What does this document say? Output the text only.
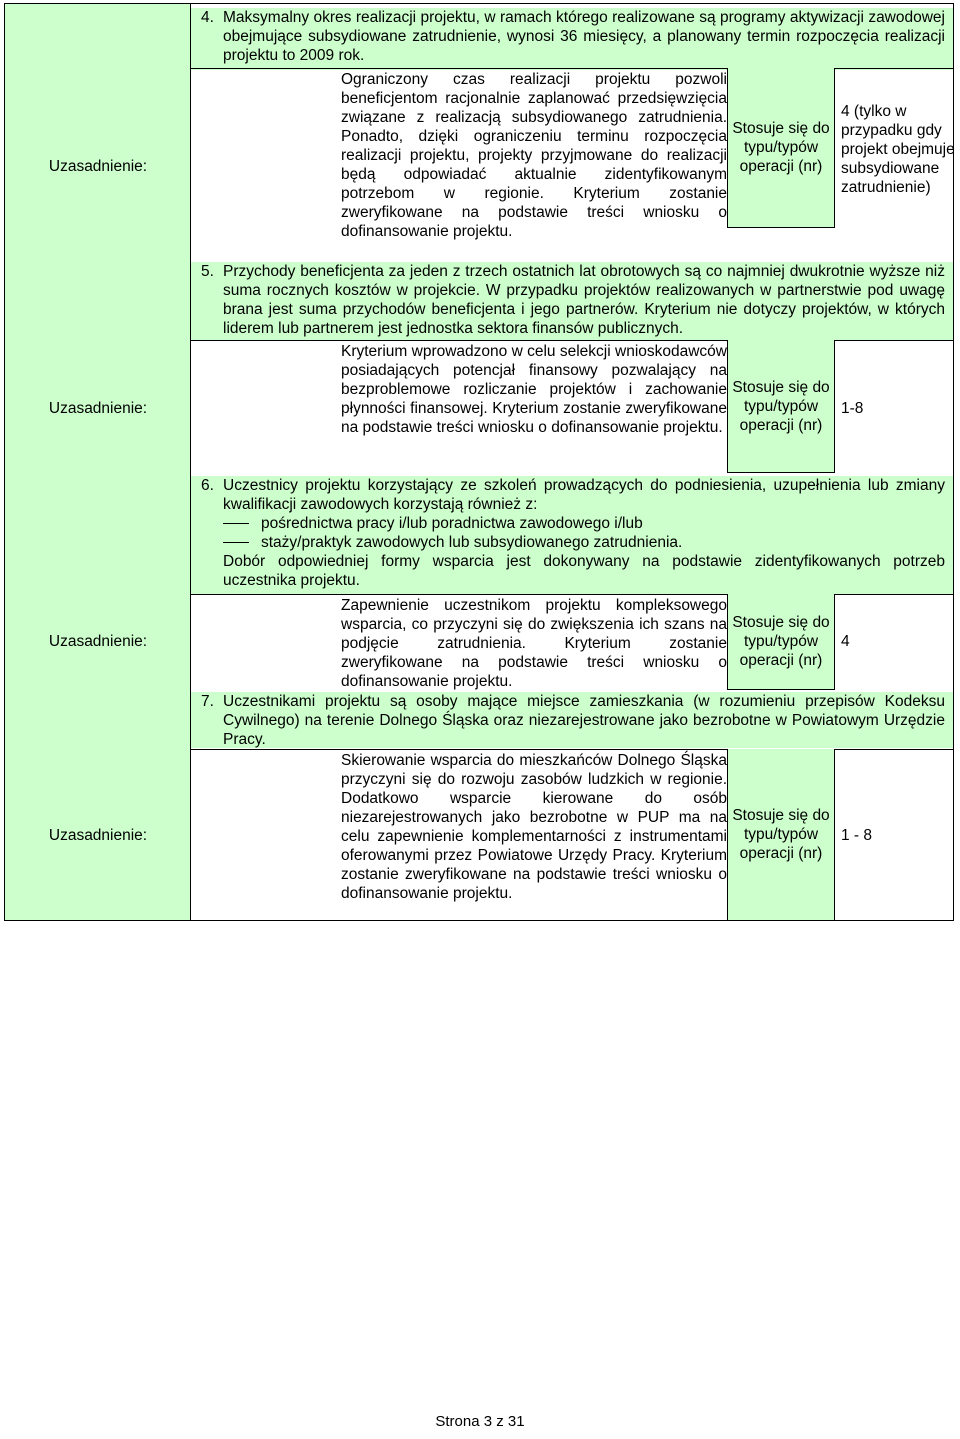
4. Maksymalny okres realizacji projektu, w ramach którego realizowane są programy aktywizacji zawodowej obejmujące subsydiowane zatrudnienie, wynosi 36 miesięcy, a planowany termin rozpoczęcia realizacji projektu to 2009 rok.
Uzasadnienie:
Ograniczony czas realizacji projektu pozwoli beneficjentom racjonalnie zaplanować przedsięwzięcia związane z realizacją subsydiowanego zatrudnienia. Ponadto, dzięki ograniczeniu terminu rozpoczęcia realizacji projektu, projekty przyjmowane do realizacji będą odpowiadać aktualnie zidentyfikowanym potrzebom w regionie. Kryterium zostanie zweryfikowane na podstawie treści wniosku o dofinansowanie projektu.
Stosuje się do typu/typów operacji (nr)
4 (tylko w przypadku gdy projekt obejmuje subsydiowane zatrudnienie)
5. Przychody beneficjenta za jeden z trzech ostatnich lat obrotowych są co najmniej dwukrotnie wyższe niż suma rocznych kosztów w projekcie. W przypadku projektów realizowanych w partnerstwie pod uwagę brana jest suma przychodów beneficjenta i jego partnerów. Kryterium nie dotyczy projektów, w których liderem lub partnerem jest jednostka sektora finansów publicznych.
Uzasadnienie:
Kryterium wprowadzono w celu selekcji wnioskodawców posiadających potencjał finansowy pozwalający na bezproblemowe rozliczanie projektów i zachowanie płynności finansowej. Kryterium zostanie zweryfikowane na podstawie treści wniosku o dofinansowanie projektu.
Stosuje się do typu/typów operacji (nr)
1-8
6. Uczestnicy projektu korzystający ze szkoleń prowadzących do podniesienia, uzupełnienia lub zmiany kwalifikacji zawodowych korzystają również z:
pośrednictwa pracy i/lub poradnictwa zawodowego i/lub
staży/praktyk zawodowych lub subsydiowanego zatrudnienia.
Dobór odpowiedniej formy wsparcia jest dokonywany na podstawie zidentyfikowanych potrzeb uczestnika projektu.
Uzasadnienie:
Zapewnienie uczestnikom projektu kompleksowego wsparcia, co przyczyni się do zwiększenia ich szans na podjęcie zatrudnienia. Kryterium zostanie zweryfikowane na podstawie treści wniosku o dofinansowanie projektu.
Stosuje się do typu/typów operacji (nr)
4
7. Uczestnikami projektu są osoby mające miejsce zamieszkania (w rozumieniu przepisów Kodeksu Cywilnego) na terenie Dolnego Śląska oraz niezarejestrowane jako bezrobotne w Powiatowym Urzędzie Pracy.
Uzasadnienie:
Skierowanie wsparcia do mieszkańców Dolnego Śląska przyczyni się do rozwoju zasobów ludzkich w regionie. Dodatkowo wsparcie kierowane do osób niezarejestrowanych jako bezrobotne w PUP ma na celu zapewnienie komplementarności z instrumentami oferowanymi przez Powiatowe Urzędy Pracy. Kryterium zostanie zweryfikowane na podstawie treści wniosku o dofinansowanie projektu.
Stosuje się do typu/typów operacji (nr)
1 - 8
Strona 3 z 31
